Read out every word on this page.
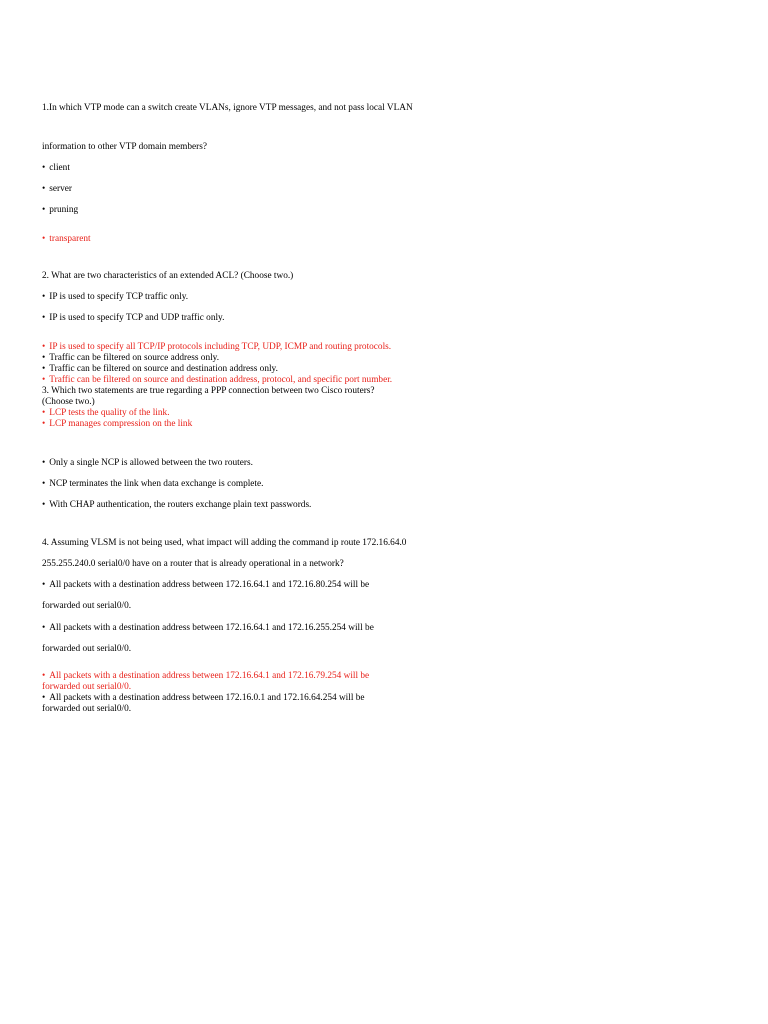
1.In which VTP mode can a switch create VLANs, ignore VTP messages, and not pass local VLAN
information to other VTP domain members?
• client
• server
• pruning
• transparent
2. What are two characteristics of an extended ACL? (Choose two.)
• IP is used to specify TCP traffic only.
• IP is used to specify TCP and UDP traffic only.
• IP is used to specify all TCP/IP protocols including TCP, UDP, ICMP and routing protocols.
• Traffic can be filtered on source address only.
• Traffic can be filtered on source and destination address only.
• Traffic can be filtered on source and destination address, protocol, and specific port number.
3. Which two statements are true regarding a PPP connection between two Cisco routers?
(Choose two.)
• LCP tests the quality of the link.
• LCP manages compression on the link
• Only a single NCP is allowed between the two routers.
• NCP terminates the link when data exchange is complete.
• With CHAP authentication, the routers exchange plain text passwords.
4. Assuming VLSM is not being used, what impact will adding the command ip route 172.16.64.0
255.255.240.0 serial0/0 have on a router that is already operational in a network?
• All packets with a destination address between 172.16.64.1 and 172.16.80.254 will be
forwarded out serial0/0.
• All packets with a destination address between 172.16.64.1 and 172.16.255.254 will be
forwarded out serial0/0.
• All packets with a destination address between 172.16.64.1 and 172.16.79.254 will be
forwarded out serial0/0.
• All packets with a destination address between 172.16.0.1 and 172.16.64.254 will be
forwarded out serial0/0.
